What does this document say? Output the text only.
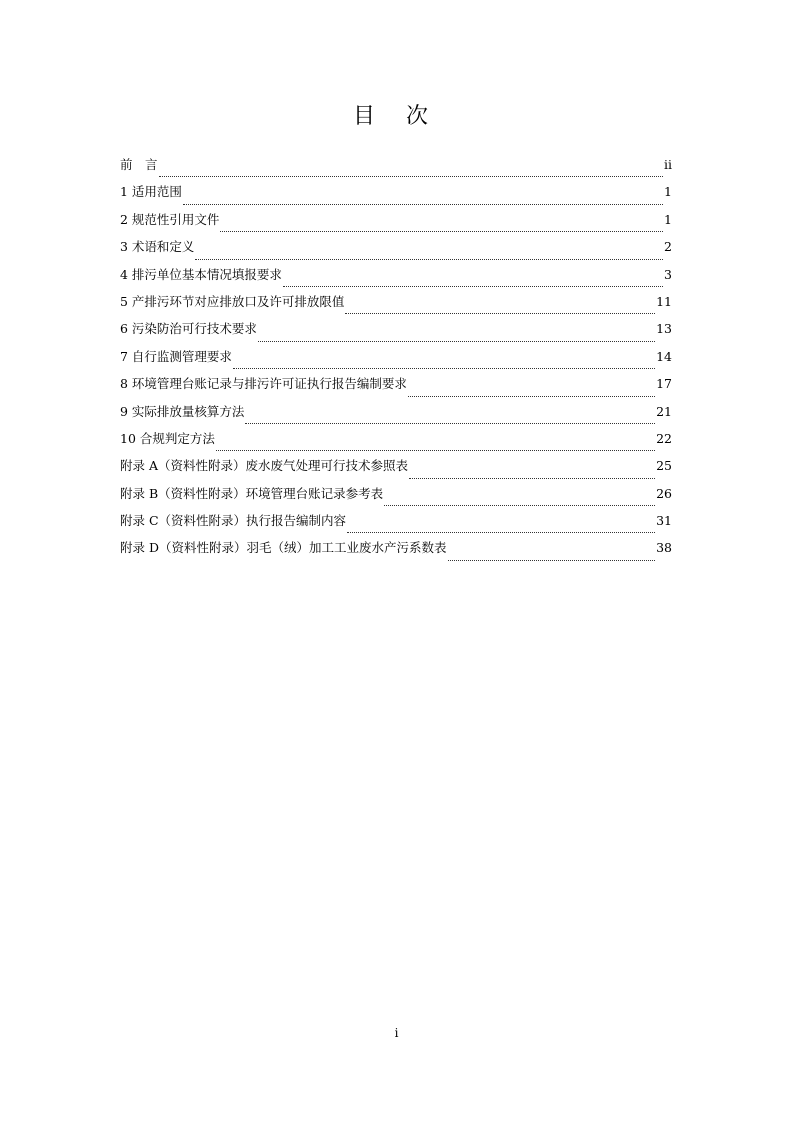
目 次
前　言	ii
1 适用范围	1
2 规范性引用文件	1
3 术语和定义	2
4 排污单位基本情况填报要求	3
5 产排污环节对应排放口及许可排放限值	11
6 污染防治可行技术要求	13
7 自行监测管理要求	14
8 环境管理台账记录与排污许可证执行报告编制要求	17
9 实际排放量核算方法	21
10 合规判定方法	22
附录 A（资料性附录）废水废气处理可行技术参照表	25
附录 B（资料性附录）环境管理台账记录参考表	26
附录 C（资料性附录）执行报告编制内容	31
附录 D（资料性附录）羽毛（绒）加工工业废水产污系数表	38
i
